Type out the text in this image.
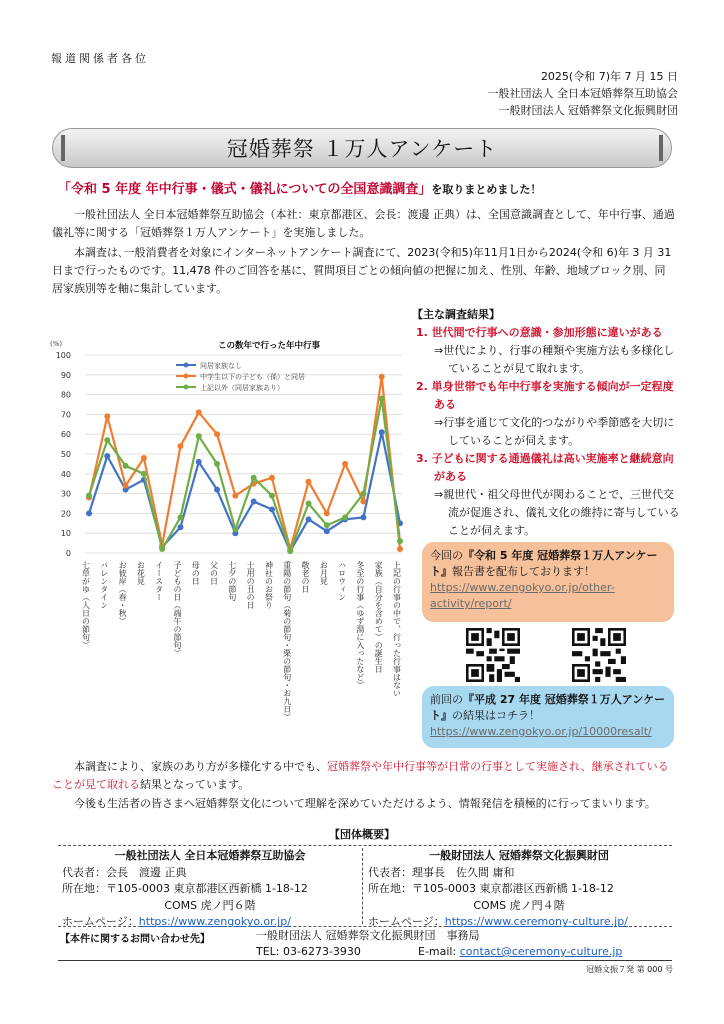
報道関係者各位
2025(令和 7)年 7 月 15 日
一般社団法人 全日本冠婚葬祭互助協会
一般財団法人 冠婚葬祭文化振興財団
冠婚葬祭 １万人アンケート
「令和 5 年度 年中行事・儀式・儀礼についての全国意識調査」を取りまとめました！
一般社団法人 全日本冠婚葬祭互助協会（本社：東京都港区、会長：渡邊 正典）は、全国意識調査として、年中行事、通過儀礼等に関する「冠婚葬祭１万人アンケート」を実施しました。
本調査は､一般消費者を対象にインターネットアンケート調査にて、2023(令和5)年11月1日から2024(令和 6)年 3 月 31 日まで行ったものです。11,478 件のご回答を基に、質問項目ごとの傾向値の把握に加え、性別、年齢、地域ブロック別、同居家族別等を軸に集計しています。
この数年で行った年中行事
(%)
100
90
80
70
60
50
40
30
20
10
0
七草がゆ（人日の節句） バレンタイン お彼岸（春・秋） お花見 イースター 子どもの日（端午の節句） 母の日 父の日 七夕の節句 土用の丑の日 神社のお祭り 重陽の節句（菊の節句・栗の節句・お九日） 敬老の日 お月見 ハロウィン 冬至の行事（ゆず湯に入ったなど） 家族（自分を含めて）の誕生日 上記の行事の中で、行った行事はない
同居家族なし
中学生以下の子ども（孫）と同居
上記以外（同居家族あり）
【主な調査結果】
1. 世代間で行事への意識・参加形態に違いがある
⇒世代により、行事の種類や実施方法も多様化していることが見て取れます。
2. 単身世帯でも年中行事を実施する傾向が一定程度ある
⇒行事を通じて文化的つながりや季節感を大切にしていることが伺えます。
3. 子どもに関する通過儀礼は高い実施率と継続意向がある
⇒親世代・祖父母世代が関わることで、三世代交流が促進され、儀礼文化の維持に寄与していることが伺えます。
今回の『令和 5 年度 冠婚葬祭１万人アンケート』報告書を配布しております！
https://www.zengokyo.or.jp/other-activity/report/
前回の『平成 27 年度 冠婚葬祭１万人アンケート』の結果はコチラ！
https://www.zengokyo.or.jp/10000resalt/
本調査により、家族のあり方が多様化する中でも、冠婚葬祭や年中行事等が日常の行事として実施され、継承されていることが見て取れる結果となっています。
今後も生活者の皆さまへ冠婚葬祭文化について理解を深めていただけるよう、情報発信を積極的に行ってまいります。
【団体概要】
一般社団法人 全日本冠婚葬祭互助協会
代表者：会長　渡邊 正典
所在地：〒105-0003 東京都港区西新橋 1-18-12
COMS 虎ノ門６階
ホームページ：https://www.zengokyo.or.jp/
一般財団法人 冠婚葬祭文化振興財団
代表者：理事長　佐久間 庸和
所在地：〒105-0003 東京都港区西新橋 1-18-12
COMS 虎ノ門４階
ホームページ：https://www.ceremony-culture.jp/
【本件に関するお問い合わせ先】	一般財団法人 冠婚葬祭文化振興財団　事務局
TEL: 03-6273-3930	E-mail: contact@ceremony-culture.jp
冠婚文振７発 第 000 号
